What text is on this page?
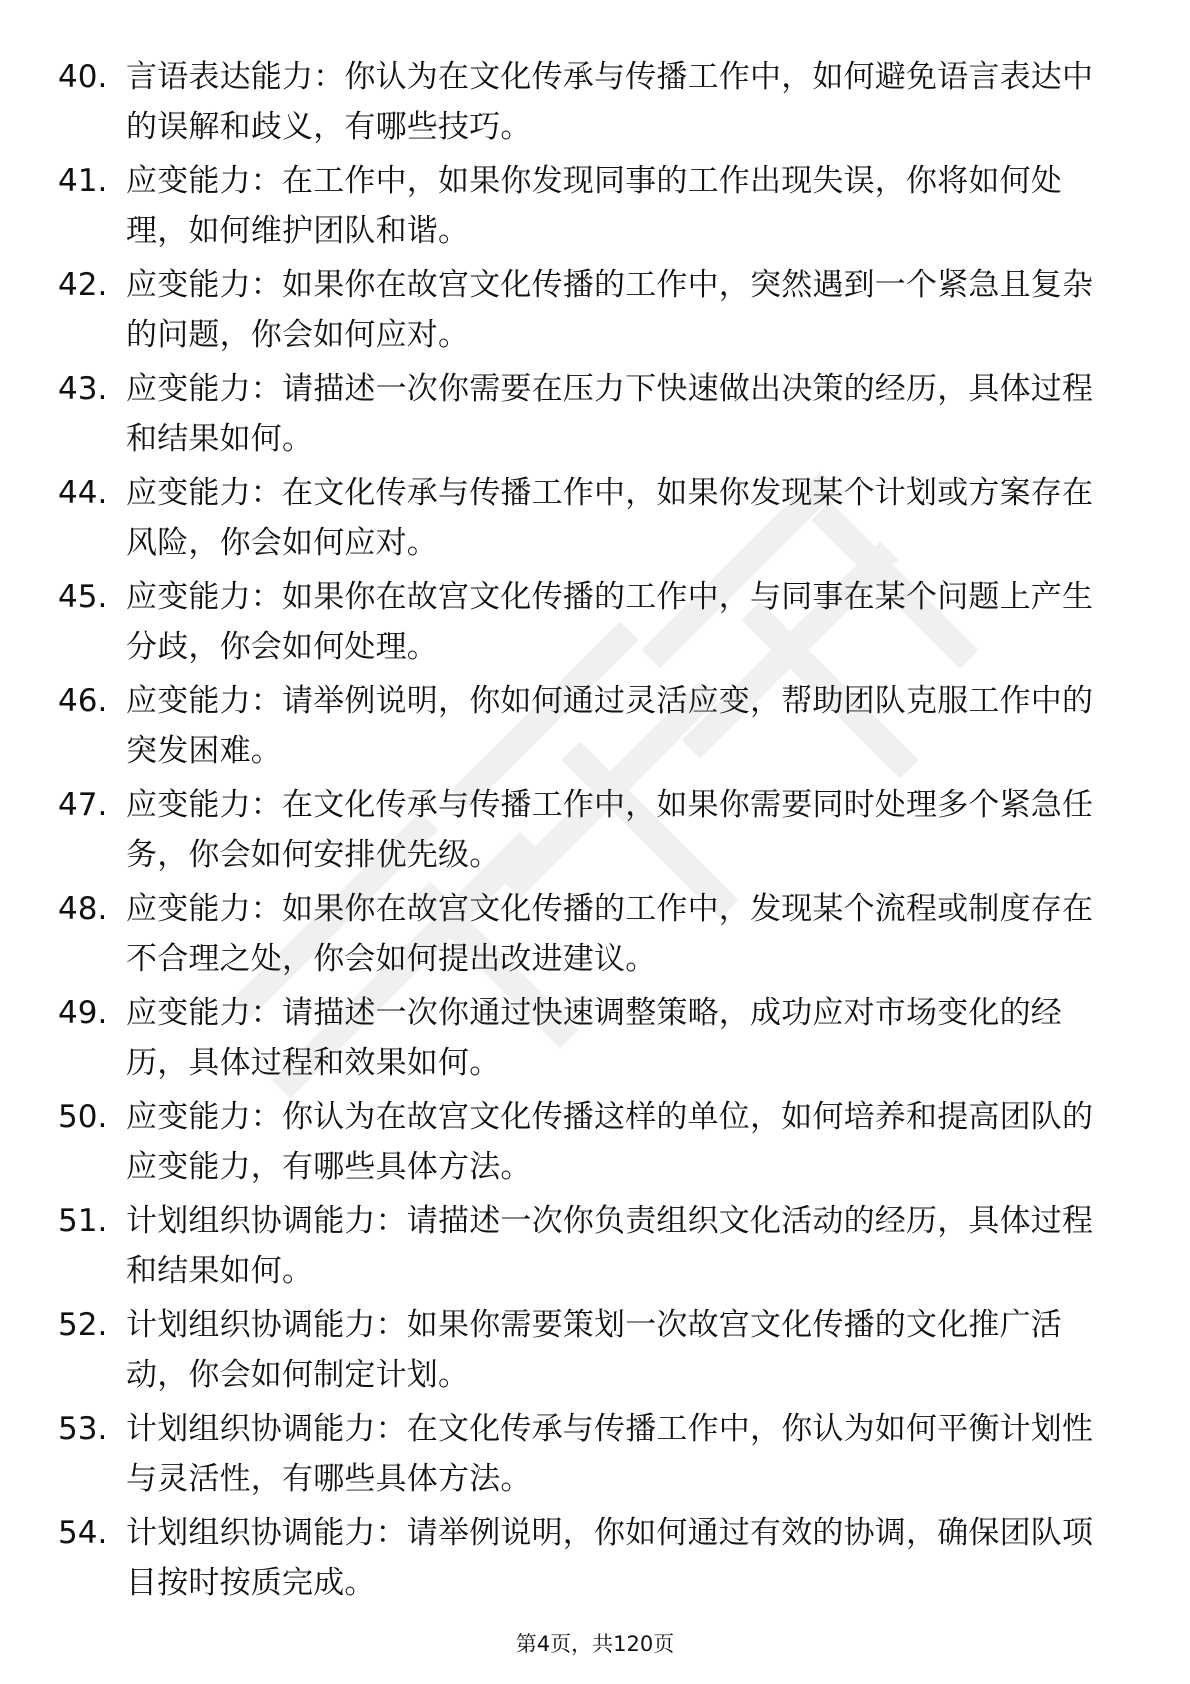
40. 言语表达能力：你认为在文化传承与传播工作中，如何避免语言表达中的误解和歧义，有哪些技巧。
41. 应变能力：在工作中，如果你发现同事的工作出现失误，你将如何处理，如何维护团队和谐。
42. 应变能力：如果你在故宫文化传播的工作中，突然遇到一个紧急且复杂的问题，你会如何应对。
43. 应变能力：请描述一次你需要在压力下快速做出决策的经历，具体过程和结果如何。
44. 应变能力：在文化传承与传播工作中，如果你发现某个计划或方案存在风险，你会如何应对。
45. 应变能力：如果你在故宫文化传播的工作中，与同事在某个问题上产生分歧，你会如何处理。
46. 应变能力：请举例说明，你如何通过灵活应变，帮助团队克服工作中的突发困难。
47. 应变能力：在文化传承与传播工作中，如果你需要同时处理多个紧急任务，你会如何安排优先级。
48. 应变能力：如果你在故宫文化传播的工作中，发现某个流程或制度存在不合理之处，你会如何提出改进建议。
49. 应变能力：请描述一次你通过快速调整策略，成功应对市场变化的经历，具体过程和效果如何。
50. 应变能力：你认为在故宫文化传播这样的单位，如何培养和提高团队的应变能力，有哪些具体方法。
51. 计划组织协调能力：请描述一次你负责组织文化活动的经历，具体过程和结果如何。
52. 计划组织协调能力：如果你需要策划一次故宫文化传播的文化推广活动，你会如何制定计划。
53. 计划组织协调能力：在文化传承与传播工作中，你认为如何平衡计划性与灵活性，有哪些具体方法。
54. 计划组织协调能力：请举例说明，你如何通过有效的协调，确保团队项目按时按质完成。
第4页，共120页
